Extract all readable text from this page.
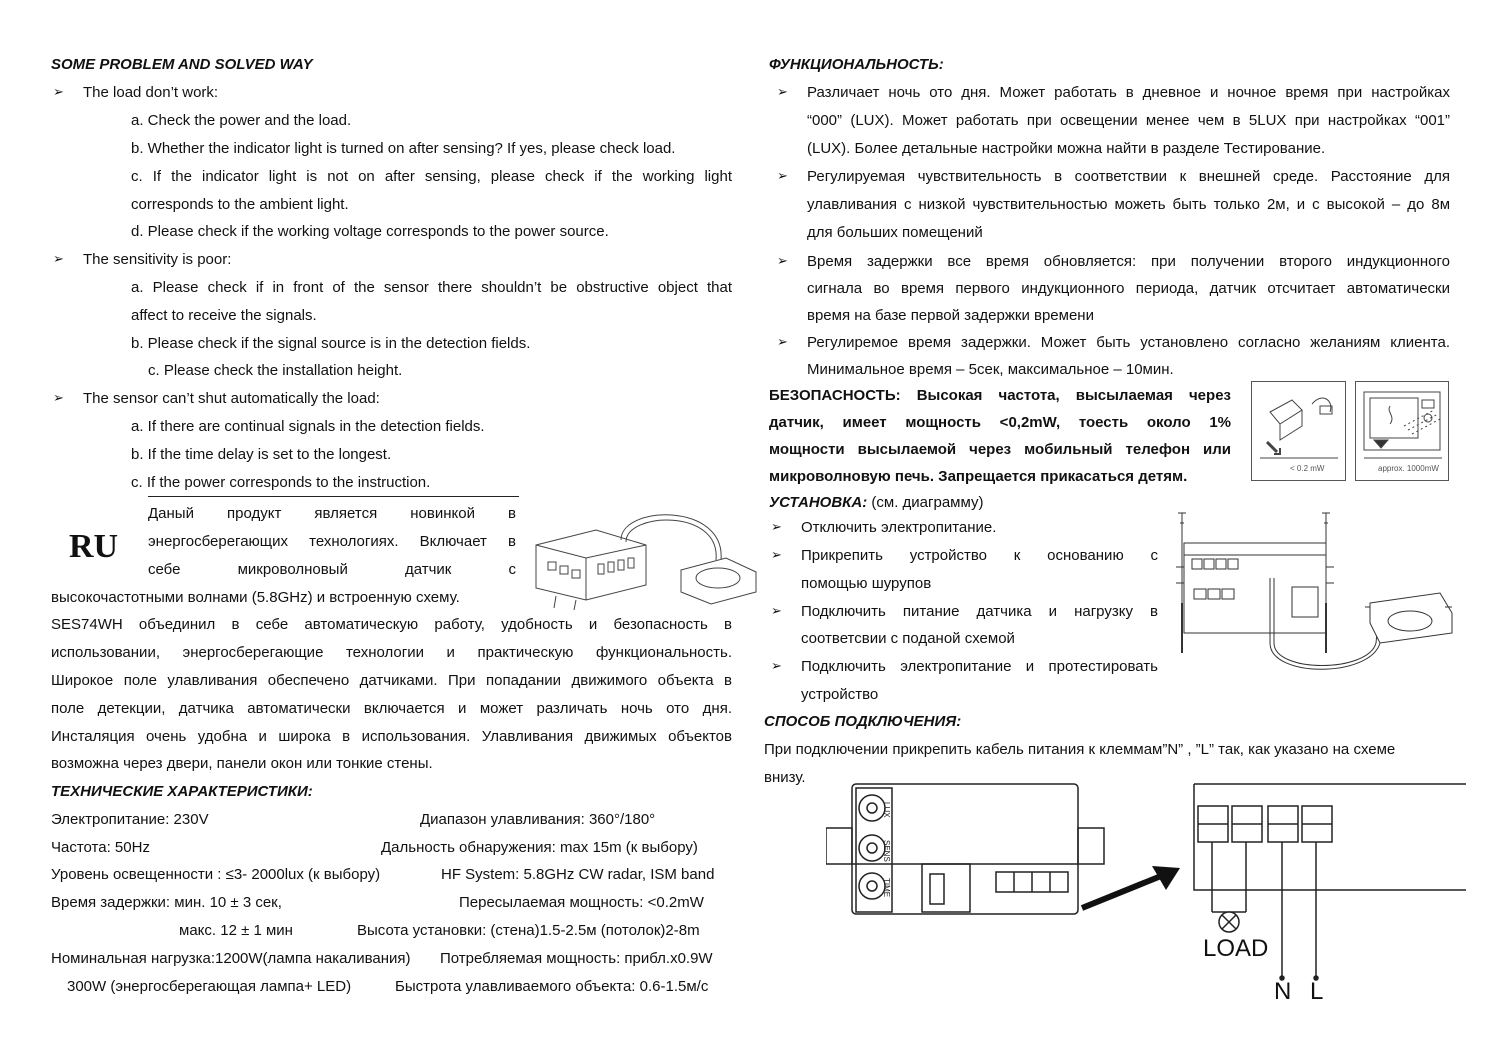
SOME PROBLEM AND SOLVED WAY
➢ The load don’t work:
a. Check the power and the load.
b. Whether the indicator light is turned on after sensing? If yes, please check load.
c. If the indicator light is not on after sensing, please check if the working light
corresponds to the ambient light.
d. Please check if the working voltage corresponds to the power source.
➢ The sensitivity is poor:
a. Please check if in front of the sensor there shouldn’t be obstructive object that
affect to receive the signals.
b. Please check if the signal source is in the detection fields.
c. Please check the installation height.
➢ The sensor can’t shut automatically the load:
a. If there are continual signals in the detection fields.
b. If the time delay is set to the longest.
c. If the power corresponds to the instruction.
RU
Даный продукт является новинкой в
энергосберегающих технологиях. Включает в
себе микроволновый датчик с
высокочастотными волнами (5.8GHz) и встроенную схему.
SES74WH объединил в себе автоматическую работу, удобность и безопасность в
использовании, энергосберегающие технологии и практическую функциональность.
Широкое поле улавливания обеспечено датчиками. При попадании движимого объекта в
поле детекции, датчика автоматически включается и может различать ночь ото дня.
Инсталяция очень удобна и широка в использования. Улавливания движимых объектов
возможна через двери, панели окон или тонкие стены.
ТЕХНИЧЕСКИЕ ХАРАКТЕРИСТИКИ:
Электропитание: 230V	Диапазон улавливания: 360°/180°
Частота: 50Hz	Дальность обнаружения: max 15m (к выбору)
Уровень освещенности : ≤3- 2000lux (к выбору)	HF System: 5.8GHz CW radar, ISM band
Время задержки: мин. 10 ± 3 сек,	Пересылаемая мощность: <0.2mW
макс. 12 ± 1 мин	Высота установки: (стена)1.5-2.5м (потолок)2-8m
Номинальная нагрузка:1200W(лампа накаливания) Потребляемая мощность: прибл.x0.9W
300W (энергосберегающая лампа+ LED)	Быстрота улавливаемого объекта: 0.6-1.5м/с
ФУНКЦИОНАЛЬНОСТЬ:
➢ Различает ночь ото дня. Может работать в дневное и ночное время при настройках
“000” (LUX). Может работать при освещении менее чем в 5LUX при настройках “001”
(LUX). Более детальные настройки можна найти в разделе Тестирование.
➢ Регулируемая чувствительность в соответствии к внешней среде. Расстояние для
улавливания с низкой чувствительностью можеть быть только 2м, и с высокой – до 8м
для больших помещений
➢ Время задержки все время обновляется: при получении второго индукционного
сигнала во время первого индукционного периода, датчик отсчитает автоматически
время на базе первой задержки времени
➢ Регулиремое время задержки. Может быть установлено согласно желаниям клиента.
Минимальное время – 5сек, максимальное – 10мин.
БЕЗОПАСНОСТЬ: Высокая частота, высылаемая через
датчик, имеет мощность <0,2mW, тоесть около 1%
мощности высылаемой через мобильный телефон или
микроволновую печь. Запрещается прикасаться детям.	< 0.2 mW	approx. 1000mW
УСТАНОВКА: (см. диаграмму)
➢ Отключить электропитание.
➢ Прикрепить устройство к основанию с
помощью шурупов
➢ Подключить питание датчика и нагрузку в
соответсвии с поданой схемой
➢ Подключить электропитание и протестировать
устройство
СПОСОБ ПОДКЛЮЧЕНИЯ:
При подключении прикрепить кабель питания к клеммам”N” , ”L” так, как указано на схеме
внизу.
LUX
SENS
TIME
LOAD
N L
